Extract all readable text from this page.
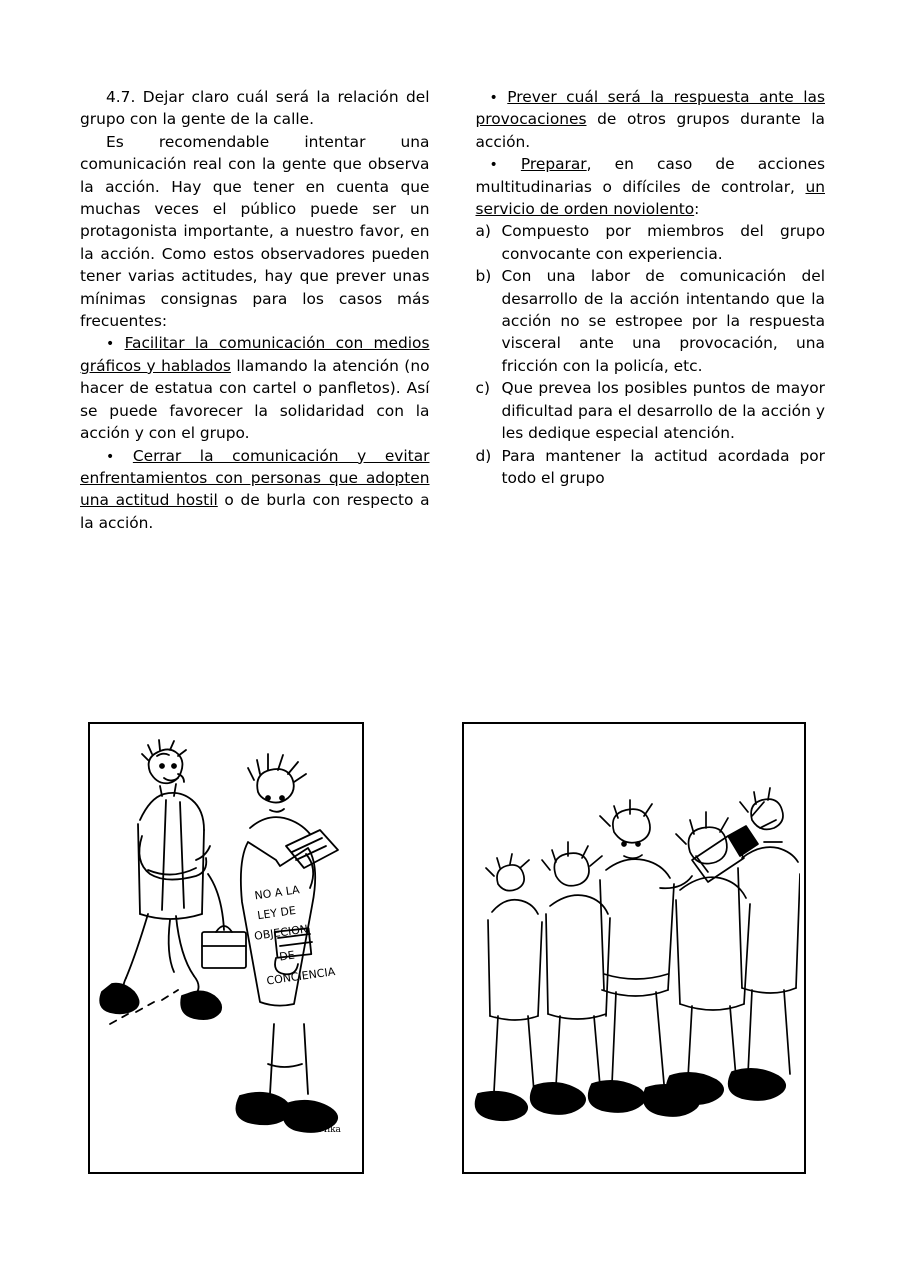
4.7. Dejar claro cuál será la relación del grupo con la gente de la calle.

Es recomendable intentar una comunicación real con la gente que observa la acción. Hay que tener en cuenta que muchas veces el público puede ser un protagonista importante, a nuestro favor, en la acción. Como estos observadores pueden tener varias actitudes, hay que prever unas mínimas consignas para los casos más frecuentes:

• Facilitar la comunicación con medios gráficos y hablados llamando la atención (no hacer de estatua con cartel o panfletos). Así se puede favorecer la solidaridad con la acción y con el grupo.

• Cerrar la comunicación y evitar enfrentamientos con personas que adopten una actitud hostil o de burla con respecto a la acción.

• Prever cuál será la respuesta ante las provocaciones de otros grupos durante la acción.

• Preparar, en caso de acciones multitudinarias o difíciles de controlar, un servicio de orden noviolento:

a) Compuesto por miembros del grupo convocante con experiencia.
b) Con una labor de comunicación del desarrollo de la acción intentando que la acción no se estropee por la respuesta visceral ante una provocación, una fricción con la policía, etc.
c) Que prevea los posibles puntos de mayor dificultad para el desarrollo de la acción y les dedique especial atención.
d) Para mantener la actitud acordada por todo el grupo
NO A LA
LEY DE
OBJECION
DE
CONCIENCIA
Mika
Mika
